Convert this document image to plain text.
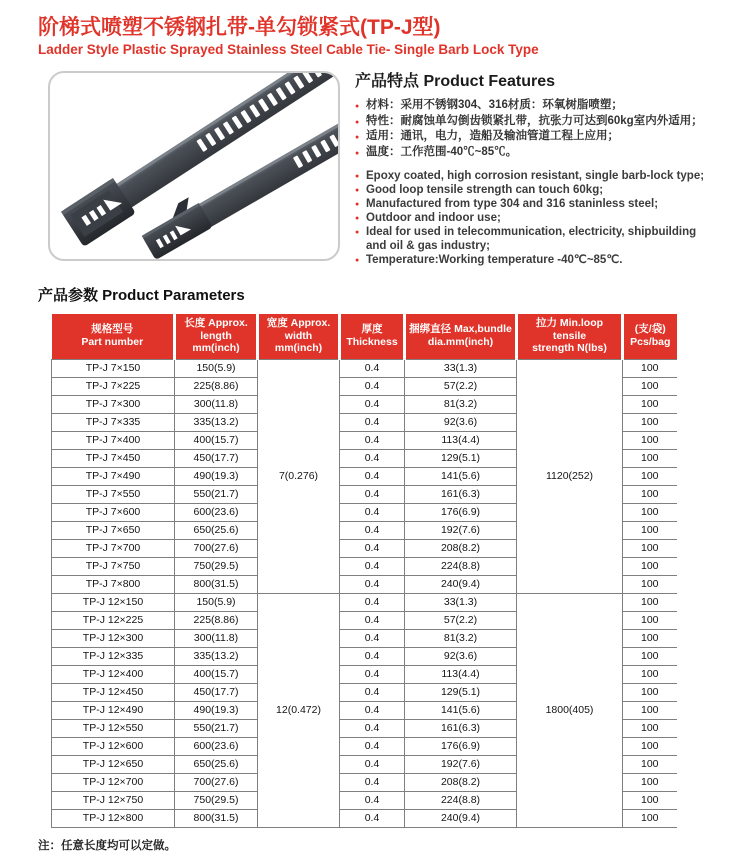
阶梯式喷塑不锈钢扎带-单勾锁紧式(TP-J型)
Ladder Style Plastic Sprayed Stainless Steel Cable Tie- Single Barb Lock Type
产品特点 Product Features
● 材料：采用不锈钢304、316材质：环氧树脂喷塑；
● 特性：耐腐蚀单勾倒齿锁紧扎带，抗张力可达到60kg室内外适用；
● 适用：通讯，电力，造船及输油管道工程上应用；
● 温度：工作范围-40℃~85℃。
● Epoxy coated, high corrosion resistant, single barb-lock type;
● Good loop tensile strength can touch 60kg;
● Manufactured from type 304 and 316 staninless steel;
● Outdoor and indoor use;
● Ideal for used in telecommunication, electricity, shipbuilding and oil & gas industry;
● Temperature:Working temperature -40℃~85℃.
产品参数 Product Parameters
规格型号
Part number

长度 Approx.
length mm(inch)

宽度 Approx.
width mm(inch)

厚度
Thickness

捆绑直径 Max,bundle
dia.mm(inch)

拉力 Min.loop tensile
strength N(lbs)

(支/袋)
Pcs/bag

TP-J 7×150	150(5.9)	7(0.276)	0.4	33(1.3)	1120(252)	100
TP-J 7×225	225(8.86)		0.4	57(2.2)		100
TP-J 7×300	300(11.8)		0.4	81(3.2)		100
TP-J 7×335	335(13.2)		0.4	92(3.6)		100
TP-J 7×400	400(15.7)		0.4	113(4.4)		100
TP-J 7×450	450(17.7)		0.4	129(5.1)		100
TP-J 7×490	490(19.3)		0.4	141(5.6)		100
TP-J 7×550	550(21.7)		0.4	161(6.3)		100
TP-J 7×600	600(23.6)		0.4	176(6.9)		100
TP-J 7×650	650(25.6)		0.4	192(7.6)		100
TP-J 7×700	700(27.6)		0.4	208(8.2)		100
TP-J 7×750	750(29.5)		0.4	224(8.8)		100
TP-J 7×800	800(31.5)		0.4	240(9.4)		100
TP-J 12×150	150(5.9)	12(0.472)	0.4	33(1.3)	1800(405)	100
TP-J 12×225	225(8.86)		0.4	57(2.2)		100
TP-J 12×300	300(11.8)		0.4	81(3.2)		100
TP-J 12×335	335(13.2)		0.4	92(3.6)		100
TP-J 12×400	400(15.7)		0.4	113(4.4)		100
TP-J 12×450	450(17.7)		0.4	129(5.1)		100
TP-J 12×490	490(19.3)		0.4	141(5.6)		100
TP-J 12×550	550(21.7)		0.4	161(6.3)		100
TP-J 12×600	600(23.6)		0.4	176(6.9)		100
TP-J 12×650	650(25.6)		0.4	192(7.6)		100
TP-J 12×700	700(27.6)		0.4	208(8.2)		100
TP-J 12×750	750(29.5)		0.4	224(8.8)		100
TP-J 12×800	800(31.5)		0.4	240(9.4)		100
注：任意长度均可以定做。
